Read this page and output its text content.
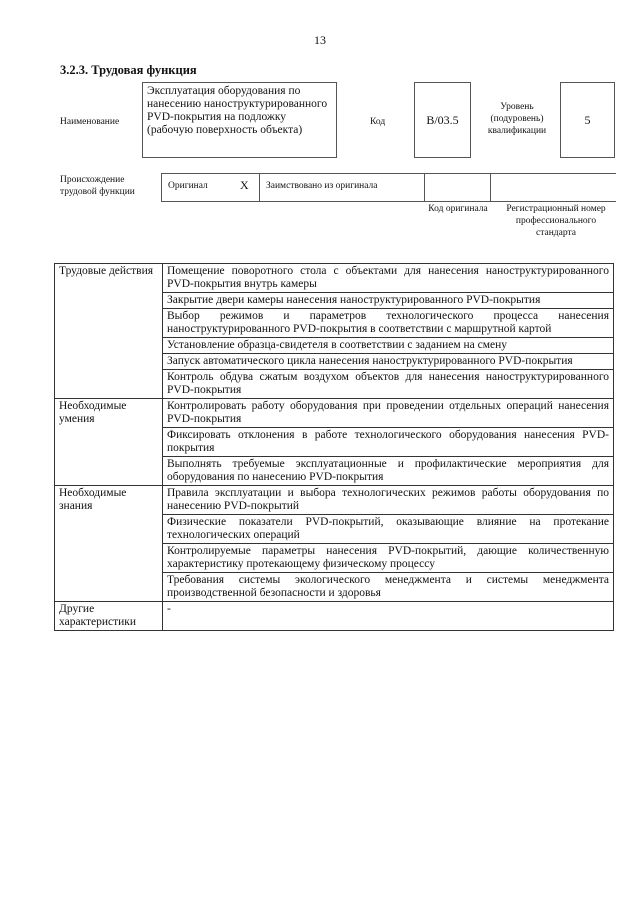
13
3.2.3. Трудовая функция
Наименование
Эксплуатация оборудования по нанесению наноструктурированного PVD-покрытия на подложку (рабочую поверхность объекта)
Код	B/03.5
Уровень (подуровень) квалификации
5
Происхождение трудовой функции
Оригинал	X Заимствовано из оригинала
Код оригинала	Регистрационный номер профессионального стандарта
Трудовые действия	Помещение поворотного стола с объектами для нанесения наноструктурированного PVD-покрытия внутрь камеры
	Закрытие двери камеры нанесения наноструктурированного PVD-покрытия
	Выбор режимов и параметров технологического процесса нанесения наноструктурированного PVD-покрытия в соответствии с маршрутной картой
	Установление образца-свидетеля в соответствии с заданием на смену
	Запуск автоматического цикла нанесения наноструктурированного PVD-покрытия
	Контроль обдува сжатым воздухом объектов для нанесения наноструктурированного PVD-покрытия
Необходимые умения	Контролировать работу оборудования при проведении отдельных операций нанесения PVD-покрытия
	Фиксировать отклонения в работе технологического оборудования нанесения PVD-покрытия
	Выполнять требуемые эксплуатационные и профилактические мероприятия для оборудования по нанесению PVD-покрытия
Необходимые знания	Правила эксплуатации и выбора технологических режимов работы оборудования по нанесению PVD-покрытий
	Физические показатели PVD-покрытий, оказывающие влияние на протекание технологических операций
	Контролируемые параметры нанесения PVD-покрытий, дающие количественную характеристику протекающему физическому процессу
	Требования системы экологического менеджмента и системы менеджмента производственной безопасности и здоровья
Другие характеристики	-
